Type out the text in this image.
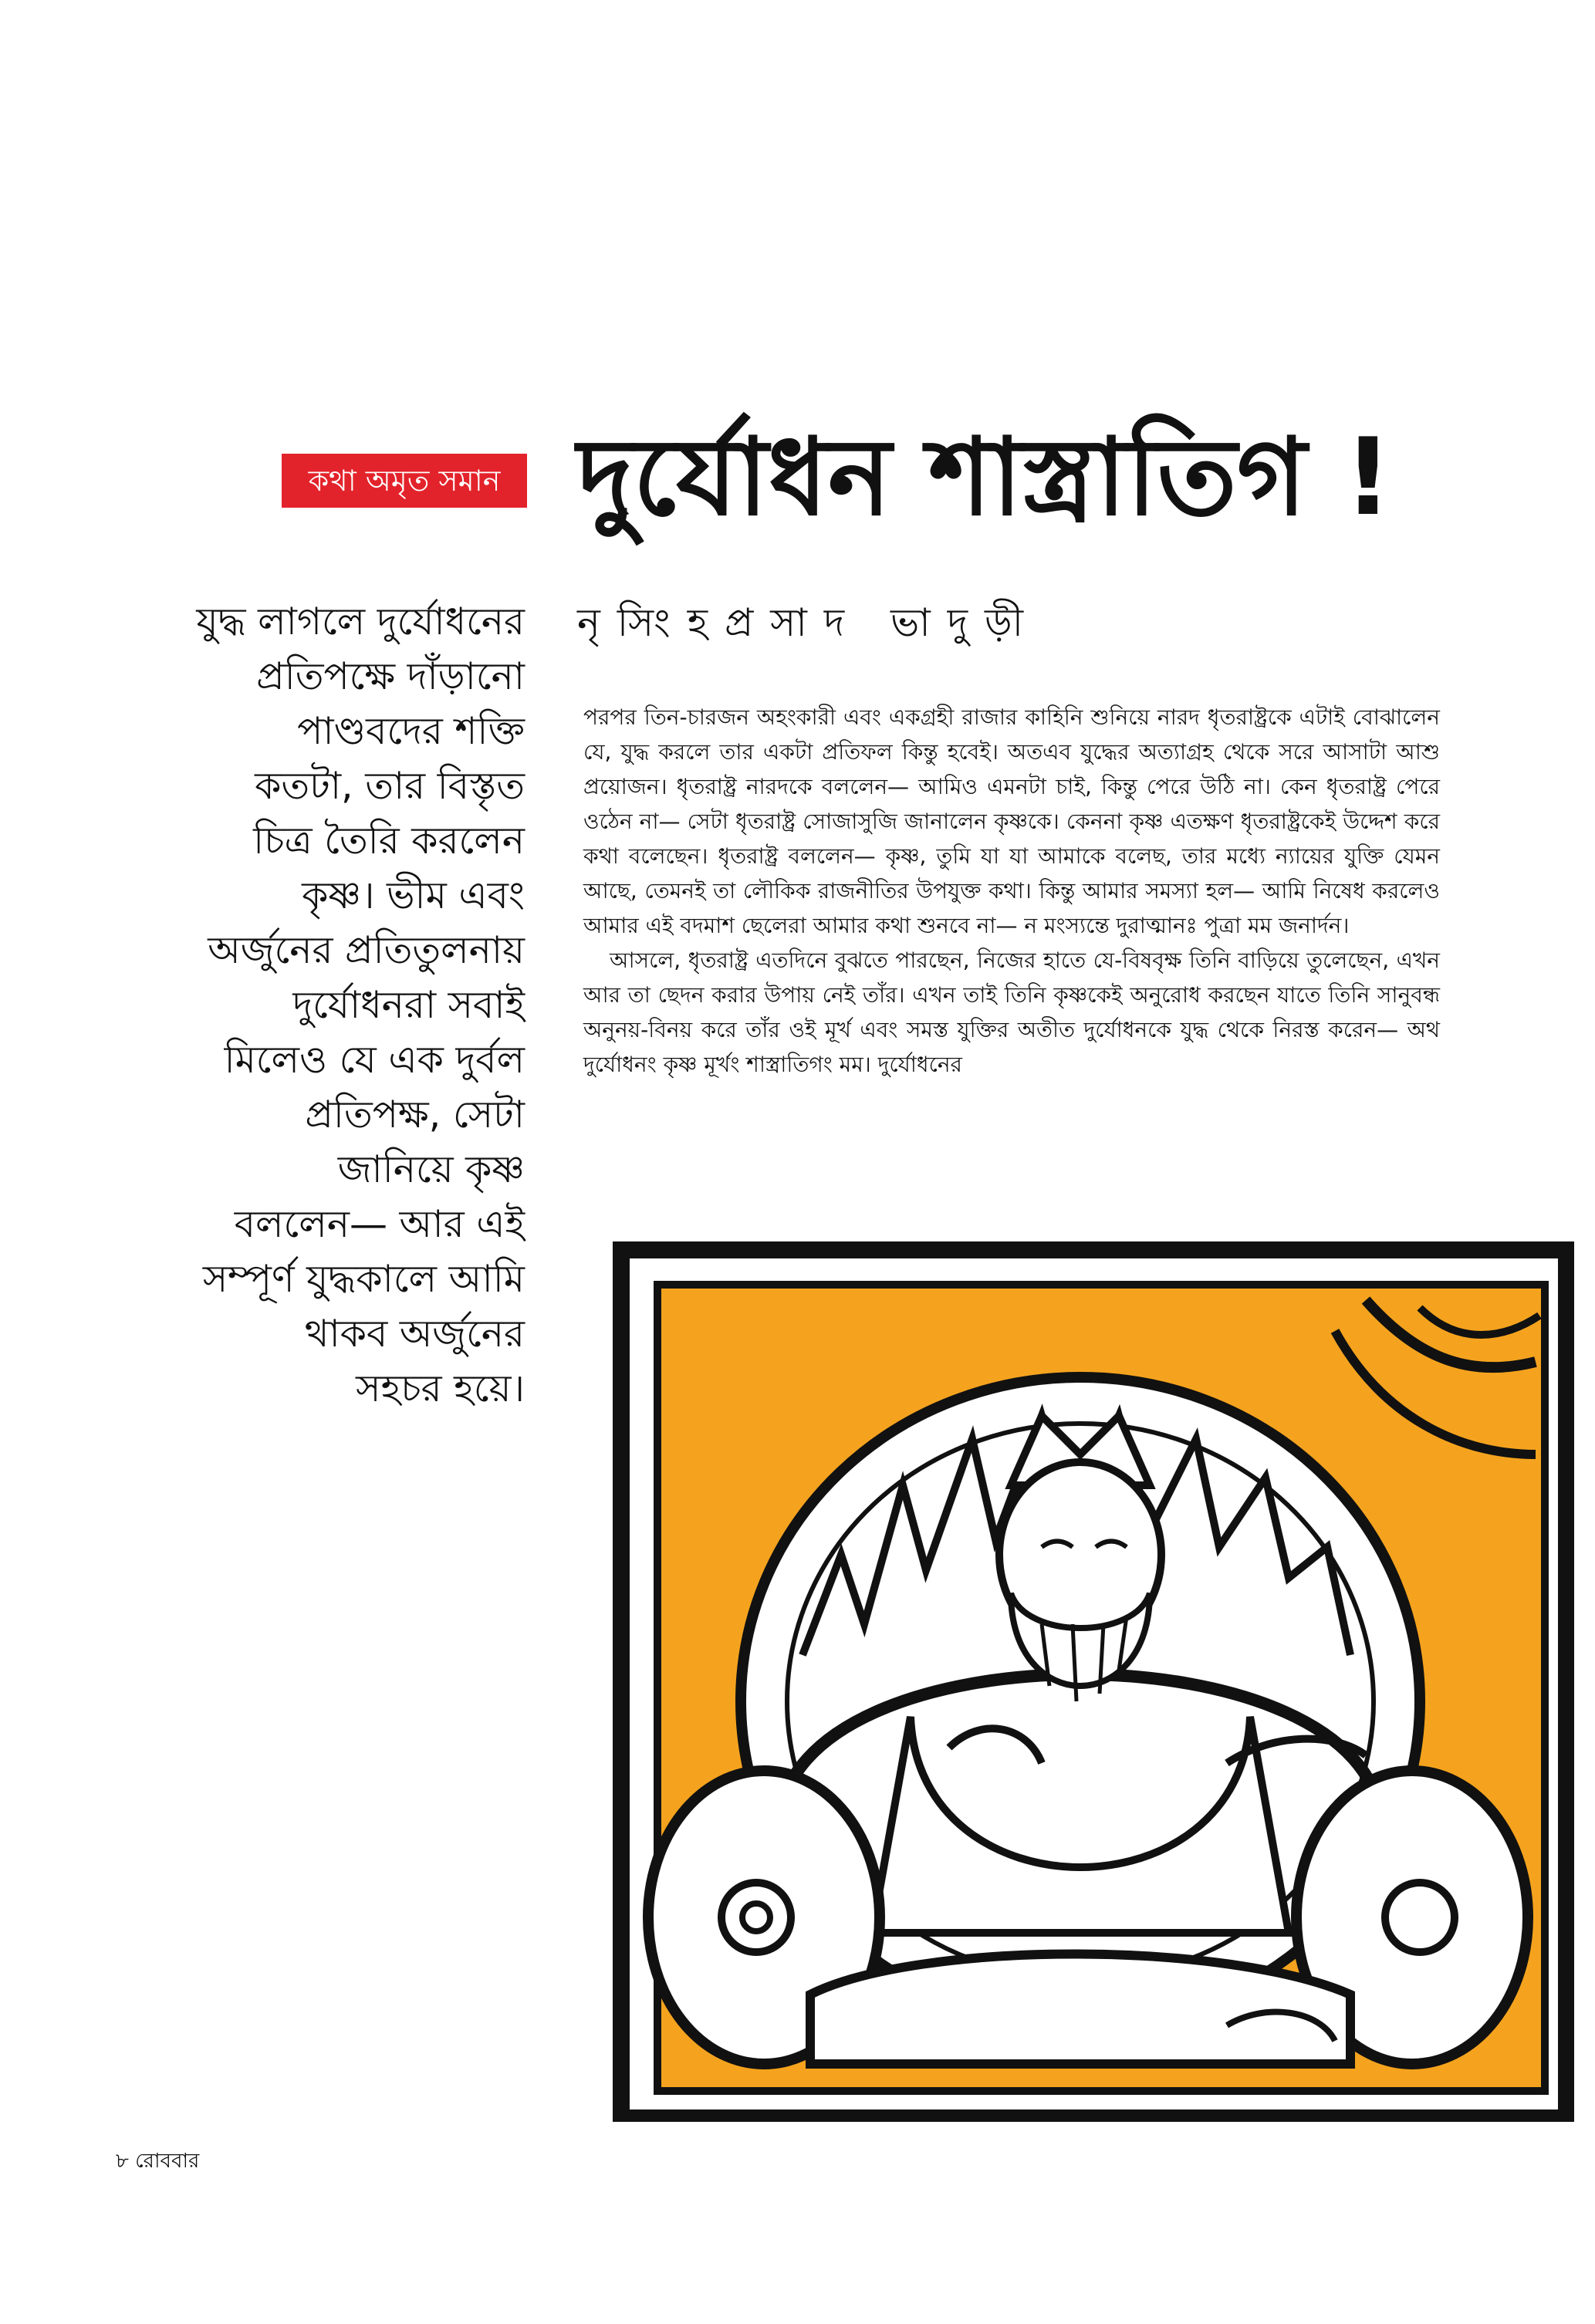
কথা অমৃত সমান দুর্যোধন শাস্ত্রাতিগ !
নৃসিংহপ্রসাদ ভাদুড়ী
যুদ্ধ লাগলে দুর্যোধনের
প্রতিপক্ষে দাঁড়ানো
পাণ্ডবদের শক্তি
কতটা, তার বিস্তৃত
চিত্র তৈরি করলেন
কৃষ্ণ। ভীম এবং
অর্জুনের প্রতিতুলনায়
দুর্যোধনরা সবাই
মিলেও যে এক দুর্বল
প্রতিপক্ষ, সেটা
জানিয়ে কৃষ্ণ
বললেন— আর এই
সম্পূর্ণ যুদ্ধকালে আমি
থাকব অর্জুনের
সহচর হয়ে।

পরপর তিন-চারজন অহংকারী এবং একগ্রহী রাজার কাহিনি শুনিয়ে নারদ ধৃতরাষ্ট্রকে এটাই বোঝালেন যে, যুদ্ধ করলে তার একটা প্রতিফল কিন্তু হবেই। অতএব যুদ্ধের অত্যাগ্রহ থেকে সরে আসাটা আশু প্রয়োজন। ধৃতরাষ্ট্র নারদকে বললেন— আমিও এমনটা চাই, কিন্তু পেরে উঠি না। কেন ধৃতরাষ্ট্র পেরে ওঠেন না— সেটা ধৃতরাষ্ট্র সোজাসুজি জানালেন কৃষ্ণকে। কেননা কৃষ্ণ এতক্ষণ ধৃতরাষ্ট্রকেই উদ্দেশ করে কথা বলেছেন। ধৃতরাষ্ট্র বললেন— কৃষ্ণ, তুমি যা যা আমাকে বলেছ, তার মধ্যে ন্যায়ের যুক্তি যেমন আছে, তেমনই তা লৌকিক রাজনীতির উপযুক্ত কথা। কিন্তু আমার সমস্যা হল— আমি নিষেধ করলেও আমার এই বদমাশ ছেলেরা আমার কথা শুনবে না— ন মংস্যন্তে দুরাত্মানঃ পুত্রা মম জনার্দন।

আসলে, ধৃতরাষ্ট্র এতদিনে বুঝতে পারছেন, নিজের হাতে যে-বিষবৃক্ষ তিনি বাড়িয়ে তুলেছেন, এখন আর তা ছেদন করার উপায় নেই তাঁর। এখন তাই তিনি কৃষ্ণকেই অনুরোধ করছেন যাতে তিনি সানুবন্ধ অনুনয়-বিনয় করে তাঁর ওই মূর্খ এবং সমস্ত যুক্তির অতীত দুর্যোধনকে যুদ্ধ থেকে নিরস্ত করেন— অথ দুর্যোধনং কৃষ্ণ মূর্খং শাস্ত্রাতিগং মম। দুর্যোধনের

৮ রোববার
